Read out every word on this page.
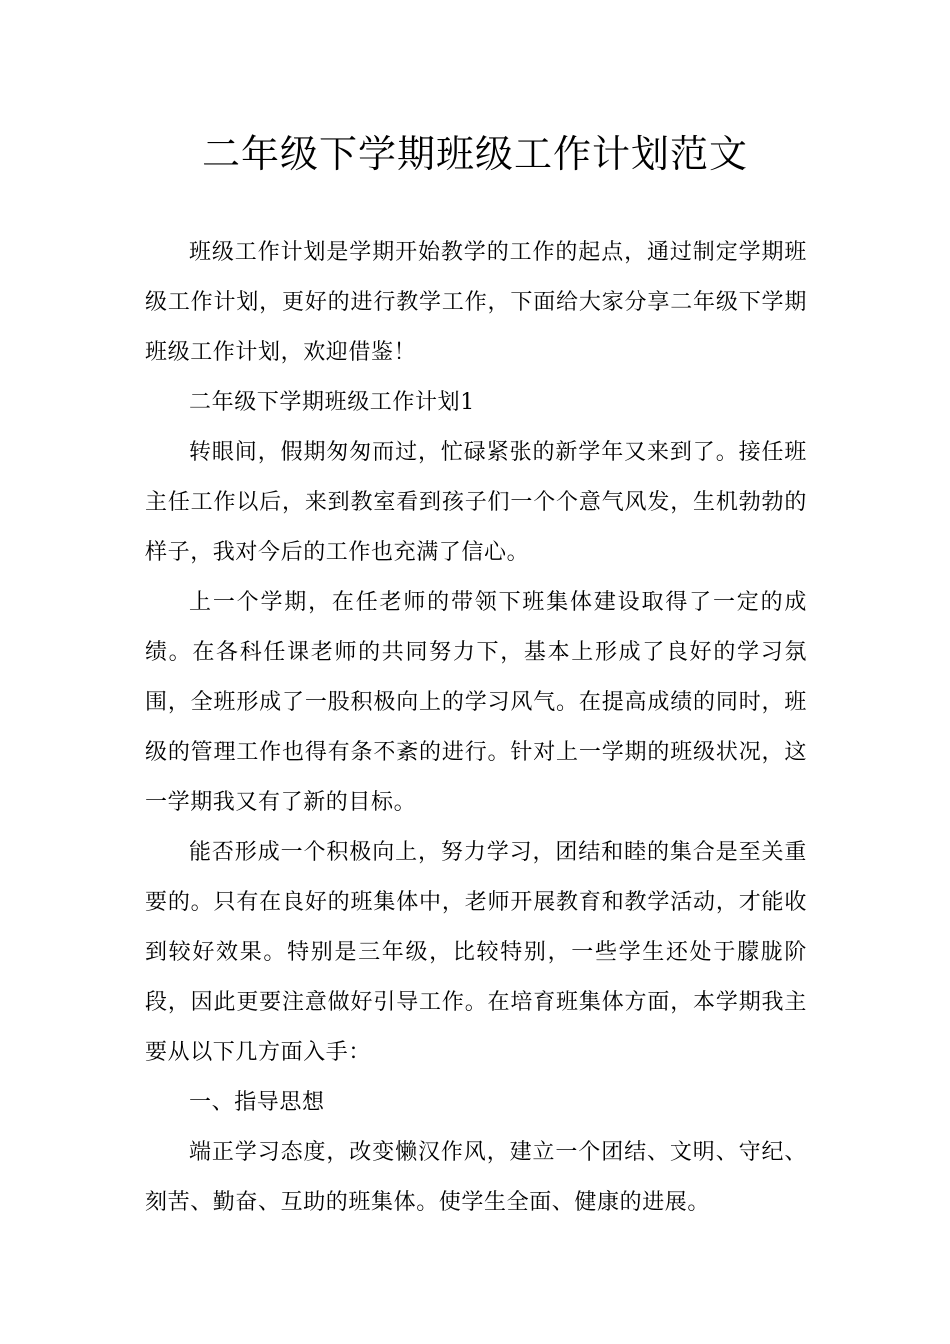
二年级下学期班级工作计划范文

班级工作计划是学期开始教学的工作的起点，通过制定学期班级工作计划，更好的进行教学工作，下面给大家分享二年级下学期班级工作计划，欢迎借鉴！

二年级下学期班级工作计划1

转眼间，假期匆匆而过，忙碌紧张的新学年又来到了。接任班主任工作以后，来到教室看到孩子们一个个意气风发，生机勃勃的样子，我对今后的工作也充满了信心。

上一个学期，在任老师的带领下班集体建设取得了一定的成绩。在各科任课老师的共同努力下，基本上形成了良好的学习氛围，全班形成了一股积极向上的学习风气。在提高成绩的同时，班级的管理工作也得有条不紊的进行。针对上一学期的班级状况，这一学期我又有了新的目标。

能否形成一个积极向上，努力学习，团结和睦的集合是至关重要的。只有在良好的班集体中，老师开展教育和教学活动，才能收到较好效果。特别是三年级，比较特别，一些学生还处于朦胧阶段，因此更要注意做好引导工作。在培育班集体方面，本学期我主要从以下几方面入手：

一、指导思想

端正学习态度，改变懒汉作风，建立一个团结、文明、守纪、刻苦、勤奋、互助的班集体。使学生全面、健康的进展。
